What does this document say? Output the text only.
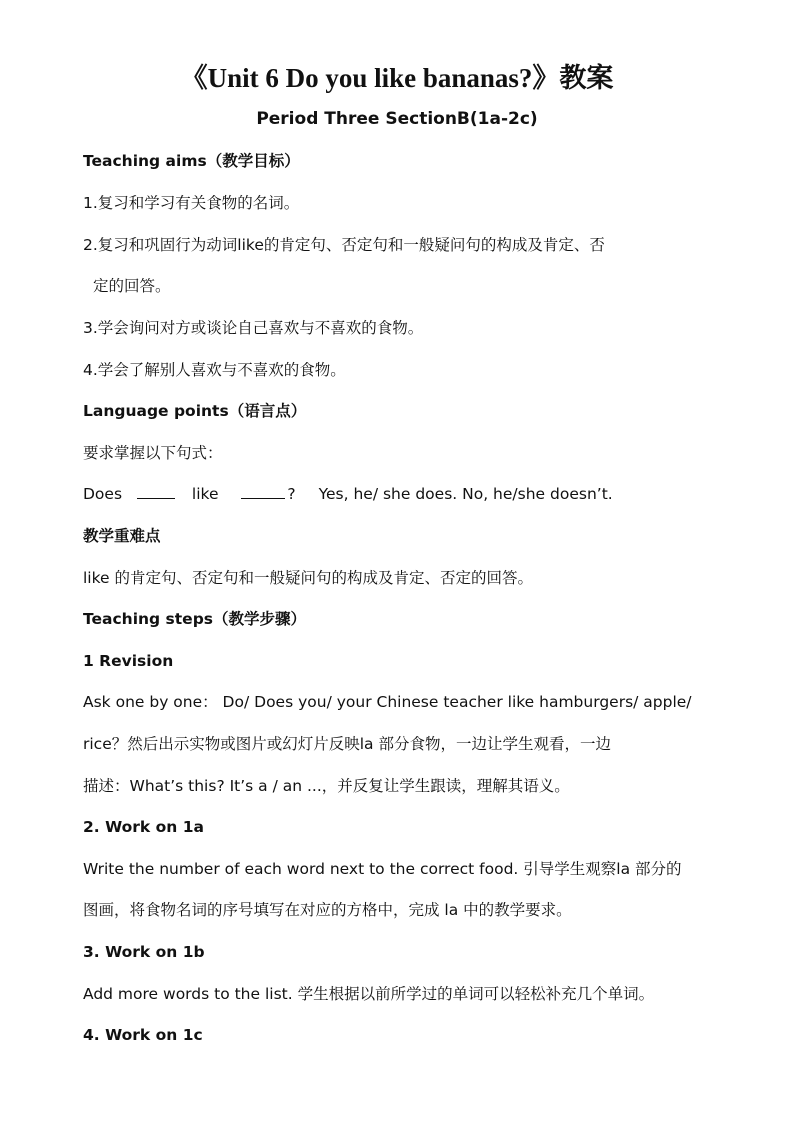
《Unit 6 Do you like bananas?》教案
Period Three SectionB(1a-2c)

Teaching aims（教学目标）

1.复习和学习有关食物的名词。

2.复习和巩固行为动词like的肯定句、否定句和一般疑问句的构成及肯定、否

定的回答。

3.学会询问对方或谈论自己喜欢与不喜欢的食物。

4.学会了解别人喜欢与不喜欢的食物。

Language points（语言点）

要求掌握以下句式：

Does	like	? Yes, he/ she does. No, he/she doesn’t.

教学重难点

like 的肯定句、否定句和一般疑问句的构成及肯定、否定的回答。

Teaching steps（教学步骤）

1 Revision

Ask one by one： Do/ Does you/ your Chinese teacher like hamburgers/ apple/

rice？然后出示实物或图片或幻灯片反映la 部分食物，一边让学生观看，一边

描述：What’s this? It’s a / an ...，并反复让学生跟读，理解其语义。

2. Work on 1a

Write the number of each word next to the correct food. 引导学生观察la 部分的

图画，将食物名词的序号填写在对应的方格中，完成 la 中的教学要求。

3. Work on 1b

Add more words to the list. 学生根据以前所学过的单词可以轻松补充几个单词。

4. Work on 1c
